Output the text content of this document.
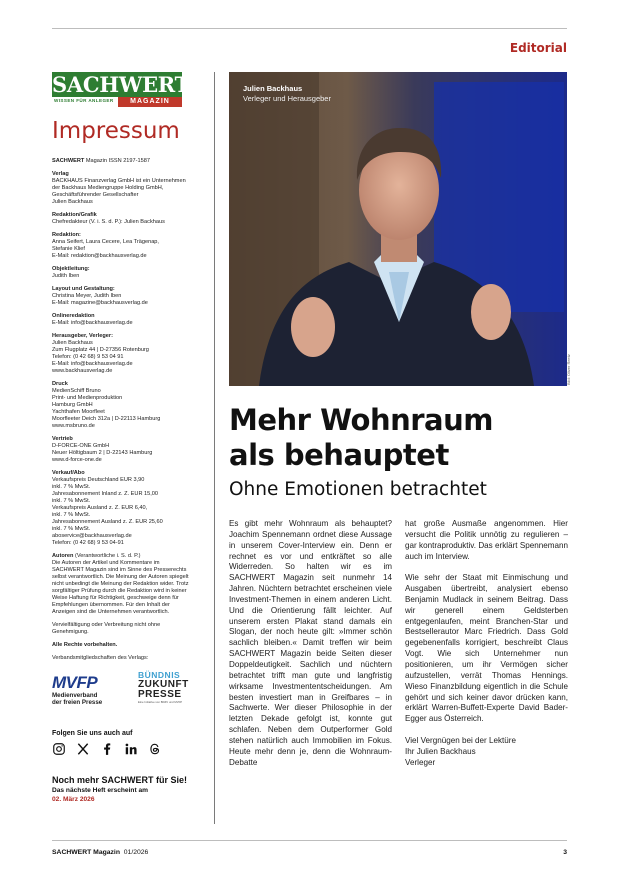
Editorial
SACHWERT
WISSEN FÜR ANLEGER	MAGAZIN
Impressum
SACHWERT Magazin ISSN 2197-1587
Verlag
BACKHAUS Finanzverlag GmbH ist ein Unternehmen
der Backhaus Mediengruppe Holding GmbH,
Geschäftsführender Gesellschafter
Julien Backhaus
Redaktion/Grafik
Chefredakteur (V. i. S. d. P.): Julien Backhaus
Redaktion:
Anna Seifert, Laura Cecere, Lea Trägenap,
Stefanie Klief
E-Mail: redaktion@backhausverlag.de
Objektleitung:
Judith Iben
Layout und Gestaltung:
Christina Meyer, Judith Iben
E-Mail: magazine@backhausverlag.de
Onlineredaktion
E-Mail: info@backhausverlag.de
Herausgeber, Verleger:
Julien Backhaus
Zum Flugplatz 44 | D-27356 Rotenburg
Telefon: (0 42 68) 9 53 04 91
E-Mail: info@backhausverlag.de
www.backhausverlag.de
Druck
MedienSchiff Bruno
Print- und Medienproduktion
Hamburg GmbH
Yachthafen Moorfleet
Moorfleeter Deich 312a | D-22113 Hamburg
www.msbruno.de
Vertrieb
D-FORCE-ONE GmbH
Neuer Höltigbaum 2 | D-22143 Hamburg
www.d-force-one.de
Verkauf/Abo
Verkaufspreis Deutschland EUR 3,90
inkl. 7 % MwSt.
Jahresabonnement Inland z. Z. EUR 15,00
inkl. 7 % MwSt.
Verkaufspreis Ausland z. Z. EUR 6,40,
inkl. 7 % MwSt.
Jahresabonnement Ausland z. Z. EUR 25,60
inkl. 7 % MwSt.
aboservice@backhausverlag.de
Telefon: (0 42 68) 9 53 04-91
Autoren (Verantwortliche i. S. d. P.)
Die Autoren der Artikel und Kommentare im
SACHWERT Magazin sind im Sinne des Presserechts
selbst verantwortlich. Die Meinung der Autoren spiegelt
nicht unbedingt die Meinung der Redaktion wider. Trotz
sorgfältiger Prüfung durch die Redaktion wird in keiner
Weise Haftung für Richtigkeit, geschweige denn für
Empfehlungen übernommen. Für den Inhalt der
Anzeigen sind die Unternehmen verantwortlich.
Vervielfältigung oder Verbreitung nicht ohne
Genehmigung.
Alle Rechte vorbehalten.
Verbandsmitgliedschaften des Verlags:
MVFP
Medienverband
der freien Presse
BÜNDNIS
ZUKUNFT
PRESSE
Eine Initiative von BDZV und MVFP
Folgen Sie uns auch auf
Noch mehr SACHWERT für Sie!
Das nächste Heft erscheint am
02. März 2026
Julien Backhaus
Verleger und Herausgeber
Bild: Oliver Reetz
Mehr Wohnraum
als behauptet
Ohne Emotionen betrachtet

Es gibt mehr Wohnraum als behauptet? Joachim Spennemann ordnet diese Aussage in unserem Cover-Interview ein. Denn er rechnet es vor und entkräftet so alle Widerreden. So halten wir es im SACHWERT Magazin seit nunmehr 14 Jahren. Nüchtern betrachtet erscheinen viele Investment-Themen in einem anderen Licht. Und die Orientierung fällt leichter. Auf unserem ersten Plakat stand damals ein Slogan, der noch heute gilt: »Immer schön sachlich bleiben.« Damit treffen wir beim SACHWERT Magazin beide Seiten dieser Doppeldeutigkeit. Sachlich und nüchtern betrachtet trifft man gute und langfristig wirksame Investmententscheidungen. Am besten investiert man in Greifbares – in Sachwerte. Wer dieser Philosophie in der letzten Dekade gefolgt ist, konnte gut schlafen. Neben dem Outperformer Gold stehen natürlich auch Immobilien im Fokus. Heute mehr denn je, denn die Wohnraum-Debatte

hat große Ausmaße angenommen. Hier versucht die Politik unnötig zu regulieren – gar kontraproduktiv. Das erklärt Spennemann auch im Interview.

Wie sehr der Staat mit Einmischung und Ausgaben übertreibt, analysiert ebenso Benjamin Mudlack in seinem Beitrag. Dass wir generell einem Geldsterben entgegenlaufen, meint Branchen-Star und Bestsellerautor Marc Friedrich. Dass Gold gegebenenfalls korrigiert, beschreibt Claus Vogt. Wie sich Unternehmer nun positionieren, um ihr Vermögen sicher aufzustellen, verrät Thomas Hennings. Wieso Finanzbildung eigentlich in die Schule gehört und sich keiner davor drücken kann, erklärt Warren-Buffett-Experte David Bader-Egger aus Österreich.

Viel Vergnügen bei der Lektüre
Ihr Julien Backhaus
Verleger
SACHWERT Magazin 01/2026	3
